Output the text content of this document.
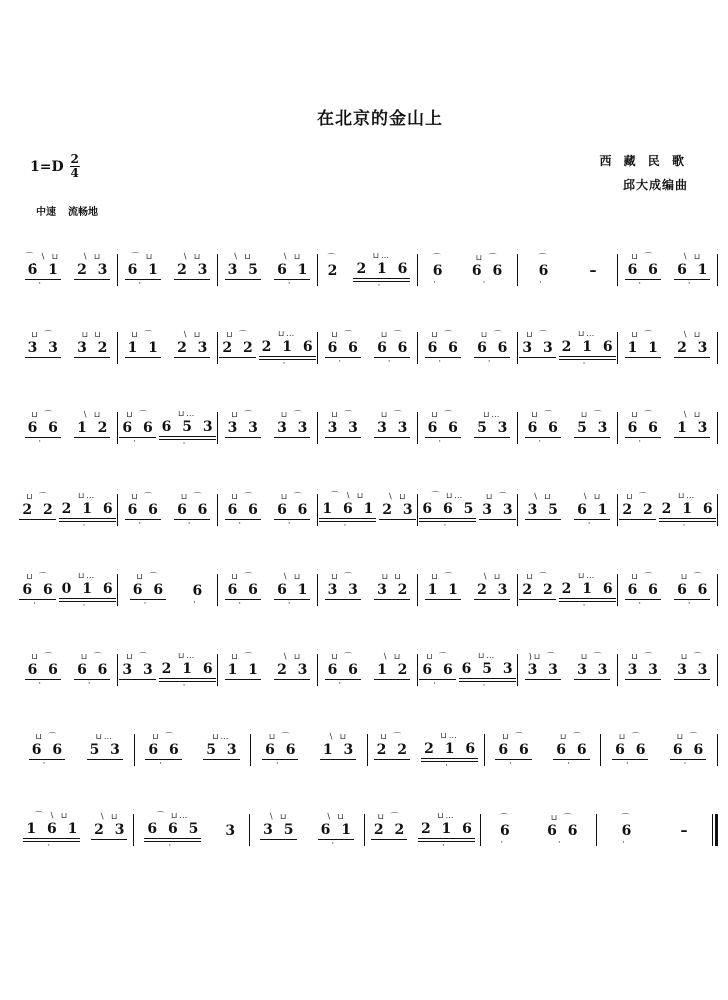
在北京的金山上
1=D 2
4
西 藏 民 歌
邱大成编曲
中速 流畅地
⌒ ∖ ⊔
6̇ 1
·
∖ ⊔
2 3
⌒ ⊔
6 1
·
∖ ⊔
2 3
∖ ⊔
3 5
∖ ⊔
6 1
·
⌒
2
⊔…
2 1 6
·
⌒
6
·
⊔ ⌒
6 6
·
⌒
6
·
–
⊔ ⌒
6 6
·
∖ ⊔
6 1
·
⊔ ⌒
3 3
⊔ ⊔
3 2
⊔ ⌒
1 1
∖ ⊔
2 3
⊔ ⌒
2 2
⊔…
2 1 6
·
⊔ ⌒
6 6
·
⊔ ⌒
6 6
·
⊔ ⌒
6 6
·
⊔ ⌒
6 6
·
⊔ ⌒
3 3
⊔…
2 1 6
·
⊔ ⌒
1 1
∖ ⊔
2 3
⊔ ⌒
6 6
·
∖ ⊔
1 2
⊔ ⌒
6 6
·
⊔…
6 5 3
·
⊔ ⌒
3 3
⊔ ⌒
3 3
⊔ ⌒
3 3
⊔ ⌒
3 3
⊔ ⌒
6 6
·
⊔…
5 3
⊔ ⌒
6 6
·
⊔ ⌒
5 3
⊔ ⌒
6 6
·
∖ ⊔
1 3
⊔ ⌒
2 2
⊔…
2 1 6
·
⊔ ⌒
6 6
·
⊔ ⌒
6 6
·
⊔ ⌒
6 6
·
⊔ ⌒
6 6
·
⌒ ∖ ⊔
1 6 1
·
∖ ⊔
2 3
⌒ ⊔…
6 6 5
·
⊔ ⌒
3 3
∖ ⊔
3 5
∖ ⊔
6 1
·
⊔ ⌒
2 2
⊔…
2 1 6
·
⊔ ⌒
6 6
·
⊔…
0 1 6
·
⊔ ⌒
6 6
·
6
·
⊔ ⌒
6 6
·
∖ ⊔
6 1
·
⊔ ⌒
3 3
⊔ ⊔
3 2
⊔ ⌒
1 1
∖ ⊔
2 3
⊔ ⌒
2 2
⊔…
2 1 6
·
⊔ ⌒
6 6
·
⊔ ⌒
6 6
·
⊔ ⌒
6 6
·
⊔ ⌒
6 6
·
⊔ ⌒
3 3
⊔…
2 1 6
·
⊔ ⌒
1 1
∖ ⊔
2 3
⊔ ⌒
6 6
·
∖ ⊔
1 2
⊔ ⌒
6 6
·
⊔…
6 5 3
·
)⊔ ⌒
3 3
⊔ ⌒
3 3
⊔ ⌒
3 3
⊔ ⌒
3 3
⊔ ⌒
6 6
·
⊔…
5 3
⊔ ⌒
6 6
·
⊔…
5 3
⊔ ⌒
6 6
·
∖ ⊔
1 3
⊔ ⌒
2 2
⊔…
2 1 6
·
⊔ ⌒
6 6
·
⊔ ⌒
6 6
·
⊔ ⌒
6 6
·
⊔ ⌒
6 6
·
⌒ ∖ ⊔
1 6 1
·
∖ ⊔
2 3
⌒ ⊔…
6 6 5
·
3
∖ ⊔
3 5
∖ ⊔
6 1
·
⊔ ⌒
2 2
⊔…
2 1 6
·
⌒
6
·
⊔ ⌒
6 6
·
⌒
6
·
–
